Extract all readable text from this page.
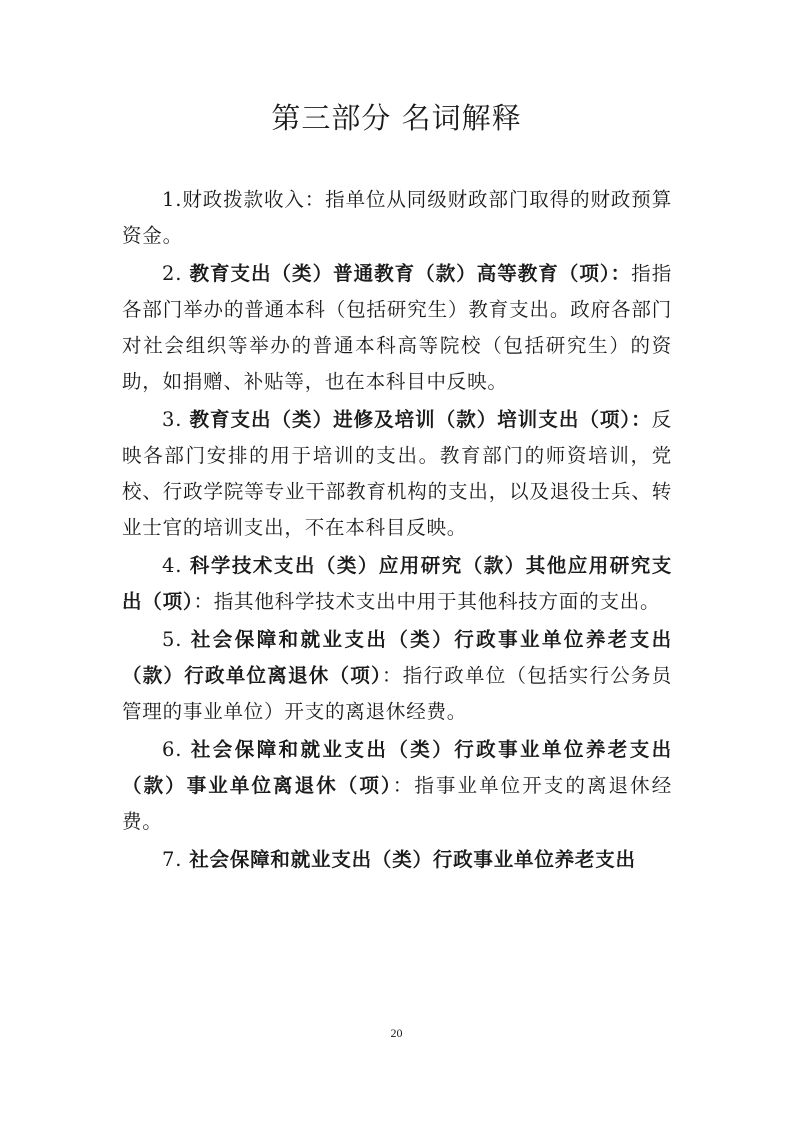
第三部分 名词解释

1.财政拨款收入：指单位从同级财政部门取得的财政预算资金。

2. 教育支出（类）普通教育（款）高等教育（项）：指指各部门举办的普通本科（包括研究生）教育支出。政府各部门对社会组织等举办的普通本科高等院校（包括研究生）的资助，如捐赠、补贴等，也在本科目中反映。

3. 教育支出（类）进修及培训（款）培训支出（项）：反映各部门安排的用于培训的支出。教育部门的师资培训，党校、行政学院等专业干部教育机构的支出，以及退役士兵、转业士官的培训支出，不在本科目反映。

4. 科学技术支出（类）应用研究（款）其他应用研究支出（项）：指其他科学技术支出中用于其他科技方面的支出。

5. 社会保障和就业支出（类）行政事业单位养老支出（款）行政单位离退休（项）：指行政单位（包括实行公务员管理的事业单位）开支的离退休经费。

6. 社会保障和就业支出（类）行政事业单位养老支出（款）事业单位离退休（项）：指事业单位开支的离退休经费。

7. 社会保障和就业支出（类）行政事业单位养老支出

20
